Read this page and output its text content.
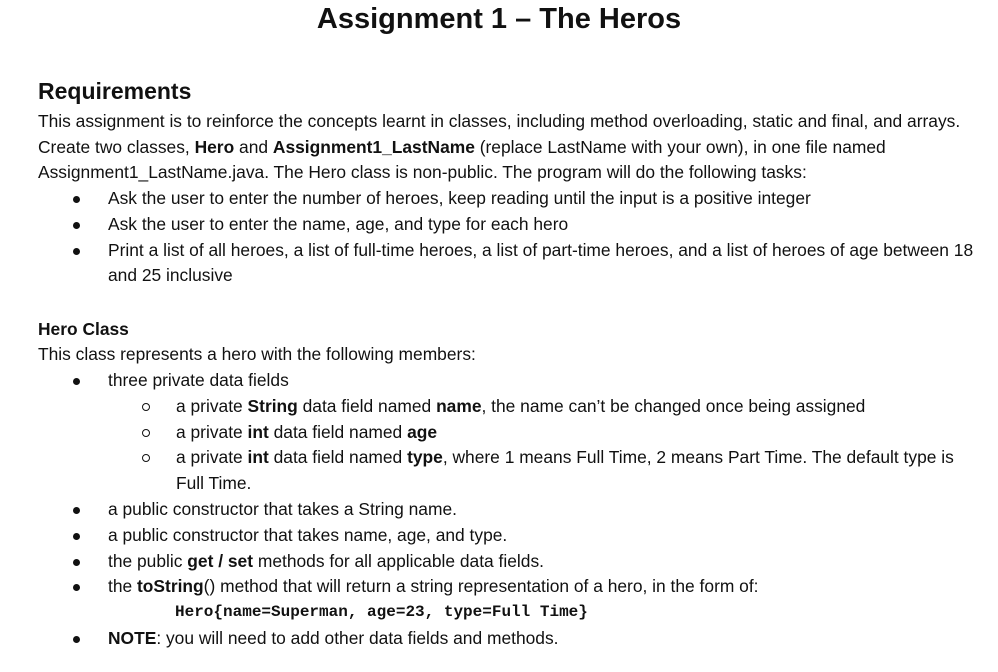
Assignment 1 – The Heros
Requirements

This assignment is to reinforce the concepts learnt in classes, including method overloading, static and final, and arrays. Create two classes, Hero and Assignment1_LastName (replace LastName with your own), in one file named Assignment1_LastName.java. The Hero class is non-public. The program will do the following tasks:

Ask the user to enter the number of heroes, keep reading until the input is a positive integer
Ask the user to enter the name, age, and type for each hero
Print a list of all heroes, a list of full-time heroes, a list of part-time heroes, and a list of heroes of age between 18 and 25 inclusive
Hero Class

This class represents a hero with the following members:

three private data fields
a private String data field named name, the name can’t be changed once being assigned
a private int data field named age
a private int data field named type, where 1 means Full Time, 2 means Part Time. The default type is Full Time.
a public constructor that takes a String name.
a public constructor that takes name, age, and type.
the public get / set methods for all applicable data fields.
the toString() method that will return a string representation of a hero, in the form of:
Hero{name=Superman, age=23, type=Full Time}
NOTE: you will need to add other data fields and methods.
